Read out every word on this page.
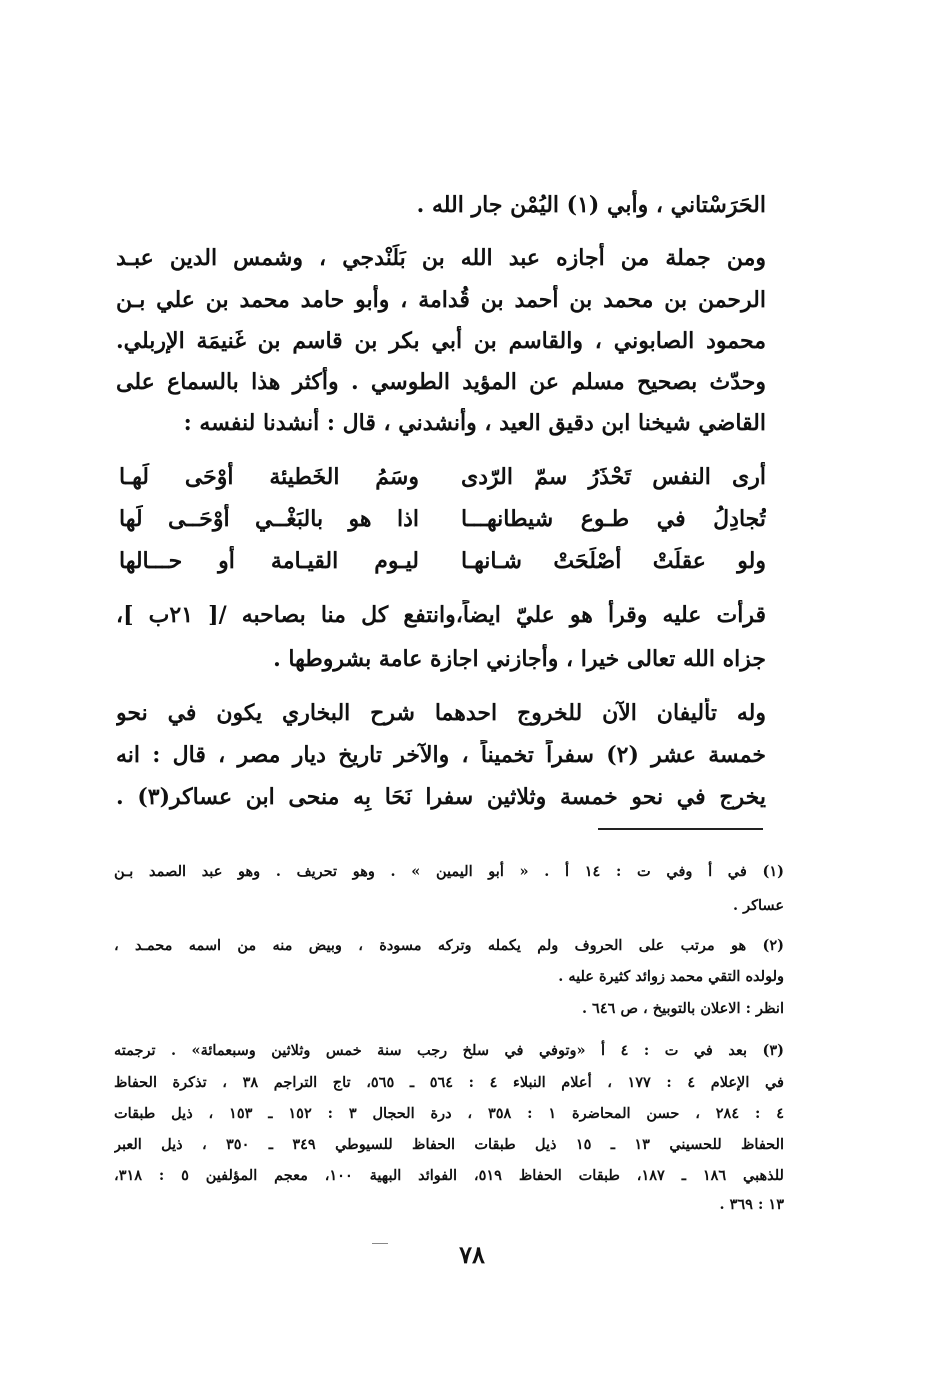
الحَرَسْتاني ، وأبي (١) اليُمْن جار الله .
ومن جملة من أجازه عبد الله بن بَلَنْدجي ، وشمس الدين عبـد
الرحمن بن محمد بن أحمد بن قُدامة ، وأبو حامد محمد بن علي بـن
محمود الصابوني ، والقاسم بن أبي بكر بن قاسم بن غَنيمَة الإربلي.
وحدّث بصحيح مسلم عن المؤيد الطوسي . وأكثر هذا بالسماع على
القاضي شيخنا ابن دقيق العيد ، وأنشدني ، قال : أنشدنا لنفسه :
أرى النفس تَحْذَرُ سمّ الرّدى
وسَمُ الخَطيئة أَوْحَى لَهـا
تُجادِلُ في طـوع شيطانهـــا
اذا هو بالبَغْــي أوْحَــى لَها
ولو عقلَتْ أصْلَحَتْ شـانهـا
ليـوم القيـامة أو حـــالها
قرأت عليه وقرأ هو عليّ ايضاً،وانتفع كل منا بصاحبه /[ ٢١ب ]،
جزاه الله تعالى خيرا ، وأجازني اجازة عامة بشروطها .
وله تأليفان الآن للخروج احدهما شرح البخاري يكون في نحو
خمسة عشر (٢) سفراً تخميناً ، والآخر تاريخ ديار مصر ، قال : انه
يخرج في نحو خمسة وثلاثين سفرا نَحَا بِه منحى ابن عساكر(٣) .
(١) في أ وفي ت : ١٤ أ . « أبو اليمين » . وهو تحريف . وهو عبد الصمد بـن
عساكر .
(٢) هو مرتب على الحروف ولم يكمله وتركه مسودة ، وبيض منه من اسمه محمـد ،
ولولده التقي محمد زوائد كثيرة عليه .
انظر : الاعلان بالتوبيخ ، ص ٦٤٦ .
(٣) بعد في ت : ٤ أ «وتوفي في سلخ رجب سنة خمس وثلاثين وسبعمائة» . ترجمته
في الإعلام ٤ : ١٧٧ ، أعلام النبلاء ٤ : ٥٦٤ ـ ٥٦٥، تاج التراجم ٣٨ ، تذكرة الحفاظ
٤ : ٢٨٤ ، حسن المحاضرة ١ : ٣٥٨ ، درة الحجال ٣ : ١٥٢ ـ ١٥٣ ، ذيل طبقات
الحفاظ للحسيني ١٣ ـ ١٥ ذيل طبقات الحفاظ للسيوطي ٣٤٩ ـ ٣٥٠ ، ذيل العبر
للذهبي ١٨٦ ـ ١٨٧، طبقات الحفاظ ٥١٩، الفوائد البهية ١٠٠، معجم المؤلفين ٥ : ٣١٨،
١٣ : ٣٦٩ .
٧٨
